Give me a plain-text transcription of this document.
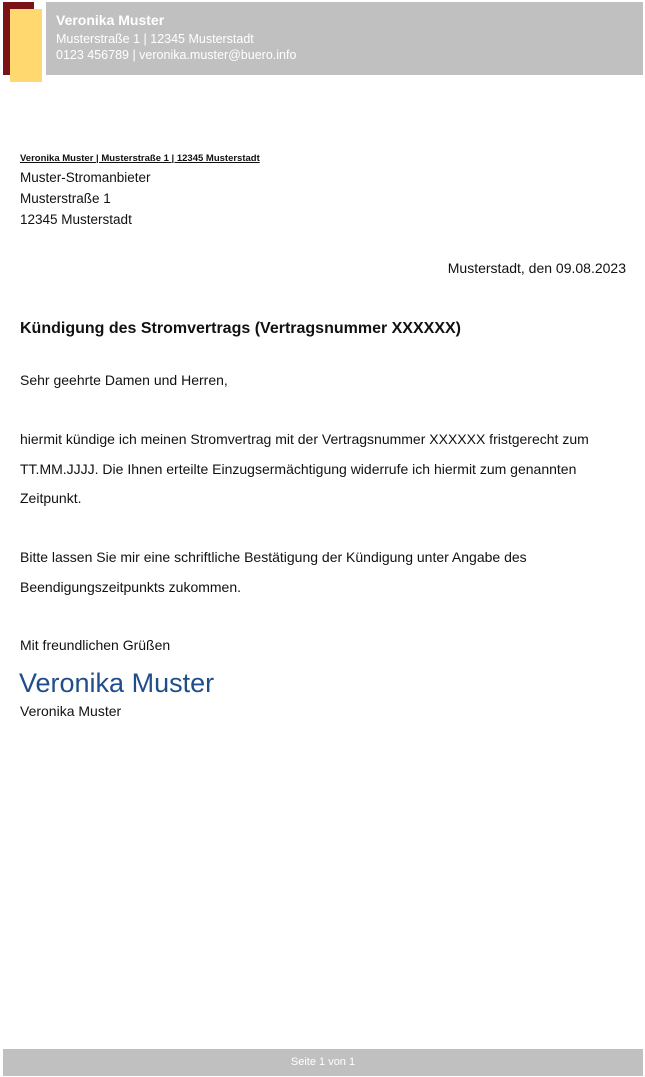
Veronika Muster
Musterstraße 1 | 12345 Musterstadt
0123 456789 | veronika.muster@buero.info
Veronika Muster | Musterstraße 1 | 12345 Musterstadt
Muster-Stromanbieter
Musterstraße 1
12345 Musterstadt
Musterstadt, den 09.08.2023
Kündigung des Stromvertrags (Vertragsnummer XXXXXX)
Sehr geehrte Damen und Herren,
hiermit kündige ich meinen Stromvertrag mit der Vertragsnummer XXXXXX fristgerecht zum TT.MM.JJJJ. Die Ihnen erteilte Einzugsermächtigung widerrufe ich hiermit zum genannten Zeitpunkt.
Bitte lassen Sie mir eine schriftliche Bestätigung der Kündigung unter Angabe des Beendigungszeitpunkts zukommen.
Mit freundlichen Grüßen
Veronika Muster
Veronika Muster
Seite 1 von 1
